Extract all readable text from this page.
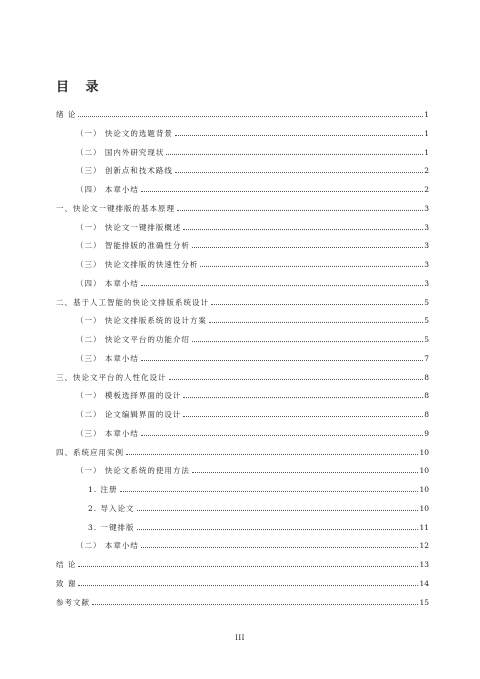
目 录
绪 论	1
（一） 快论文的选题背景	1
（二） 国内外研究现状	1
（三） 创新点和技术路线	2
（四） 本章小结	2
一、快论文一键排版的基本原理	3
（一） 快论文一键排版概述	3
（二） 智能排版的准确性分析	3
（三） 快论文排版的快速性分析	3
（四） 本章小结	3
二、基于人工智能的快论文排版系统设计	5
（一） 快论文排版系统的设计方案	5
（二） 快论文平台的功能介绍	5
（三） 本章小结	7
三、快论文平台的人性化设计	8
（一） 模板选择界面的设计	8
（二） 论文编辑界面的设计	8
（三） 本章小结	9
四、系统应用实例	10
（一） 快论文系统的使用方法	10
1. 注册	10
2. 导入论文	10
3. 一键排版	11
（二） 本章小结	12
结 论	13
致 谢	14
参考文献	15
III
